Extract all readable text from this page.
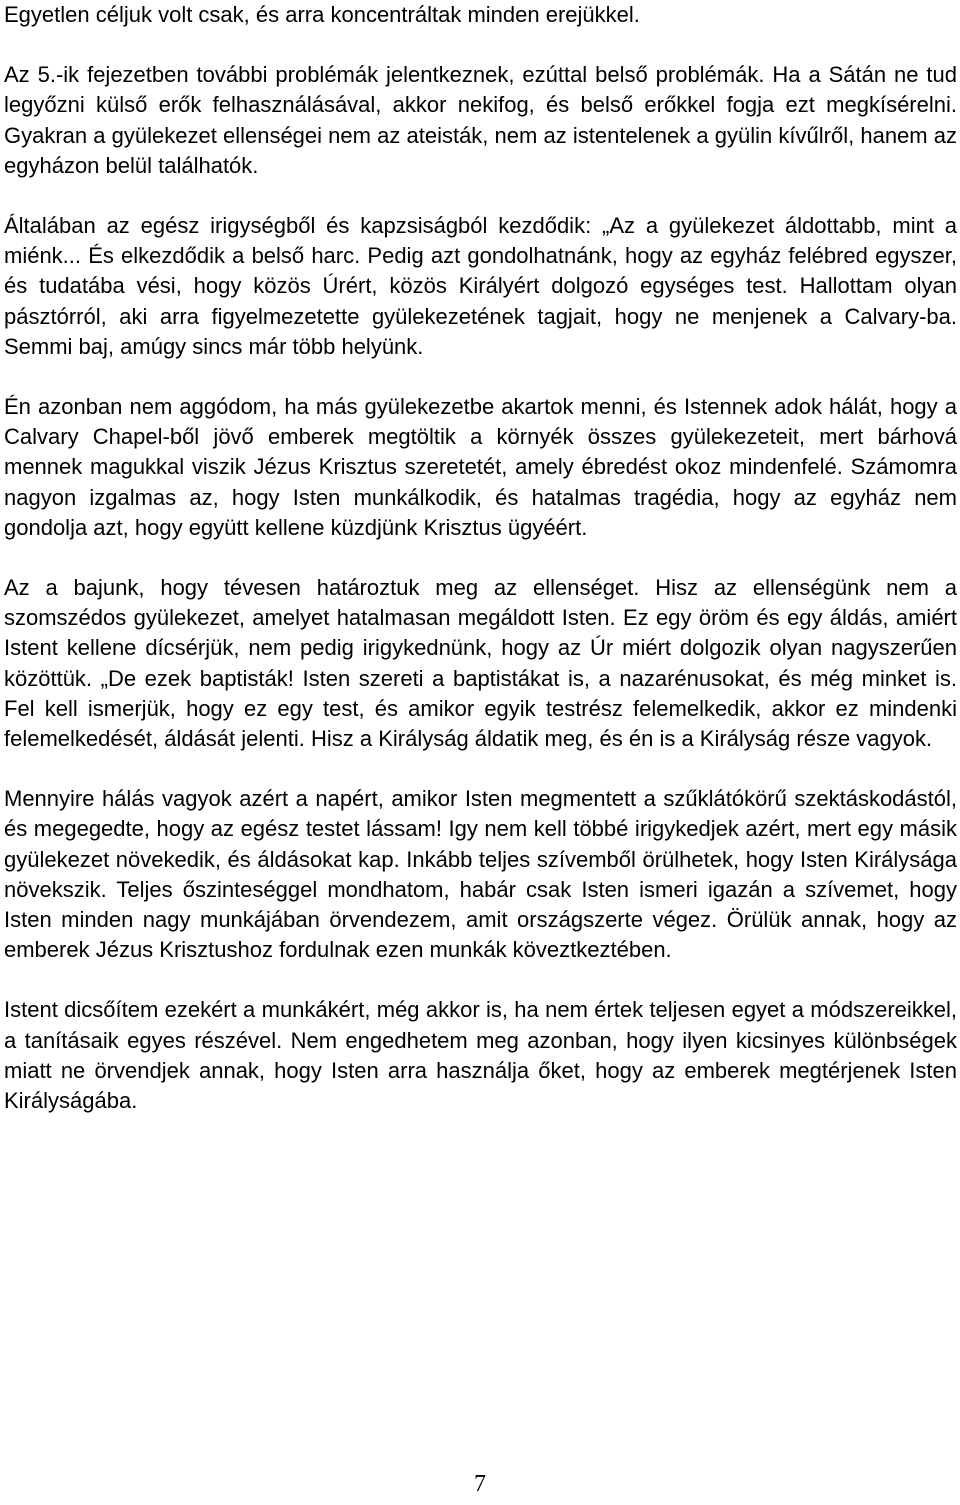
Egyetlen céljuk volt csak, és arra koncentráltak minden erejükkel.

Az 5.-ik fejezetben további problémák jelentkeznek, ezúttal belső problémák. Ha a Sátán ne tud legyőzni külső erők felhasználásával, akkor nekifog, és belső erőkkel fogja ezt megkísérelni. Gyakran a gyülekezet ellenségei nem az ateisták, nem az istentelenek a gyülin kívűlről, hanem az egyházon belül találhatók.

Általában az egész irigységből és kapzsiságból kezdődik: „Az a gyülekezet áldottabb, mint a miénk... És elkezdődik a belső harc. Pedig azt gondolhatnánk, hogy az egyház felébred egyszer, és tudatába vési, hogy közös Úrért, közös Királyért dolgozó egységes test. Hallottam olyan pásztórról, aki arra figyelmezetette gyülekezetének tagjait, hogy ne menjenek a Calvary-ba. Semmi baj, amúgy sincs már több helyünk.

Én azonban nem aggódom, ha más gyülekezetbe akartok menni, és Istennek adok hálát, hogy a Calvary Chapel-ből jövő emberek megtöltik a környék összes gyülekezeteit, mert bárhová mennek magukkal viszik Jézus Krisztus szeretetét, amely ébredést okoz mindenfelé. Számomra nagyon izgalmas az, hogy Isten munkálkodik, és hatalmas tragédia, hogy az egyház nem gondolja azt, hogy együtt kellene küzdjünk Krisztus ügyéért.

Az a bajunk, hogy tévesen határoztuk meg az ellenséget. Hisz az ellenségünk nem a szomszédos gyülekezet, amelyet hatalmasan megáldott Isten. Ez egy öröm és egy áldás, amiért Istent kellene dícsérjük, nem pedig irigykednünk, hogy az Úr miért dolgozik olyan nagyszerűen közöttük. „De ezek baptisták! Isten szereti a baptistákat is, a nazarénusokat, és még minket is. Fel kell ismerjük, hogy ez egy test, és amikor egyik testrész felemelkedik, akkor ez mindenki felemelkedését, áldását jelenti. Hisz a Királyság áldatik meg, és én is a Királyság része vagyok.

Mennyire hálás vagyok azért a napért, amikor Isten megmentett a szűklátókörű szektáskodástól, és megegedte, hogy az egész testet lássam! Igy nem kell többé irigykedjek azért, mert egy másik gyülekezet növekedik, és áldásokat kap. Inkább teljes szívemből örülhetek, hogy Isten Királysága növekszik. Teljes őszinteséggel mondhatom, habár csak Isten ismeri igazán a szívemet, hogy Isten minden nagy munkájában örvendezem, amit országszerte végez. Örülük annak, hogy az emberek Jézus Krisztushoz fordulnak ezen munkák köveztkeztében.

Istent dicsőítem ezekért a munkákért, még akkor is, ha nem értek teljesen egyet a módszereikkel, a tanításaik egyes részével. Nem engedhetem meg azonban, hogy ilyen kicsinyes különbségek miatt ne örvendjek annak, hogy Isten arra használja őket, hogy az emberek megtérjenek Isten Királyságába.

7
